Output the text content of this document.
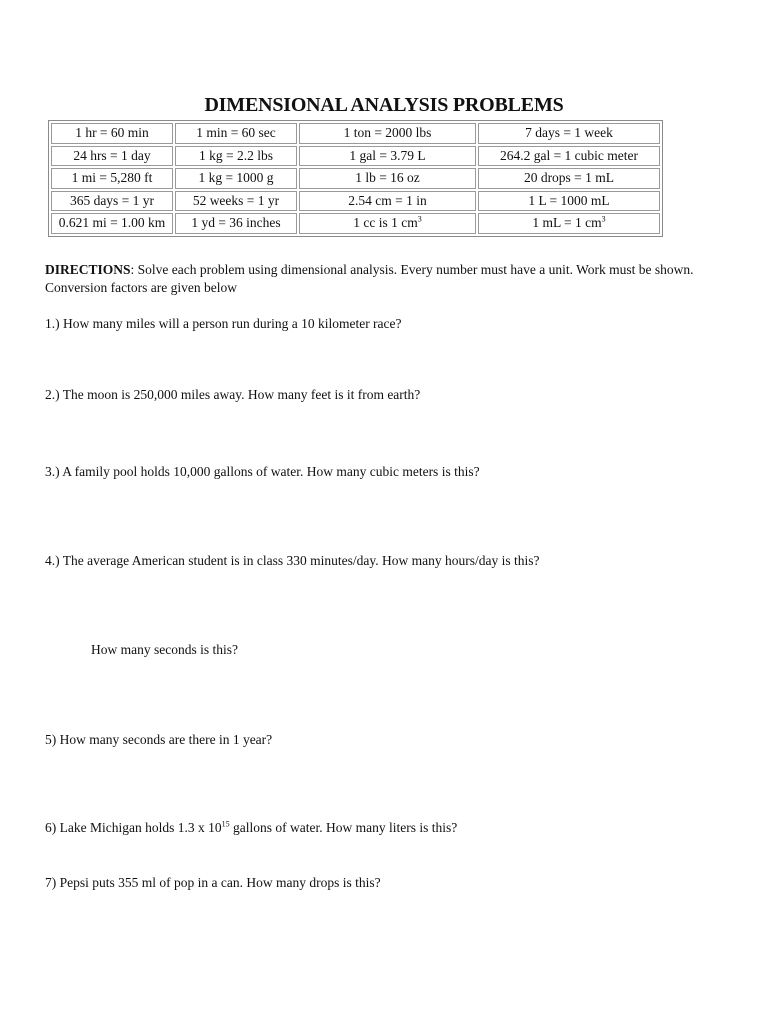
DIMENSIONAL ANALYSIS PROBLEMS
1 hr = 60 min	1 min = 60 sec	1 ton = 2000 lbs	7 days = 1 week
24 hrs = 1 day	1 kg = 2.2 lbs	1 gal = 3.79 L	264.2 gal = 1 cubic meter
1 mi = 5,280 ft	1 kg = 1000 g	1 lb = 16 oz	20 drops = 1 mL
365 days = 1 yr	52 weeks = 1 yr	2.54 cm = 1 in	1 L = 1000 mL
0.621 mi = 1.00 km	1 yd = 36 inches	1 cc is 1 $cm^3$	1 mL = 1 $cm^3$
DIRECTIONS: Solve each problem using dimensional analysis. Every number must have a unit. Work must be shown. Conversion factors are given below
1.) How many miles will a person run during a 10 kilometer race?
2.) The moon is 250,000 miles away. How many feet is it from earth?
3.) A family pool holds 10,000 gallons of water. How many cubic meters is this?
4.) The average American student is in class 330 minutes/day. How many hours/day is this?
How many seconds is this?
5) How many seconds are there in 1 year?
6) Lake Michigan holds 1.3 x $10^{15}$ gallons of water. How many liters is this?
7) Pepsi puts 355 ml of pop in a can. How many drops is this?
